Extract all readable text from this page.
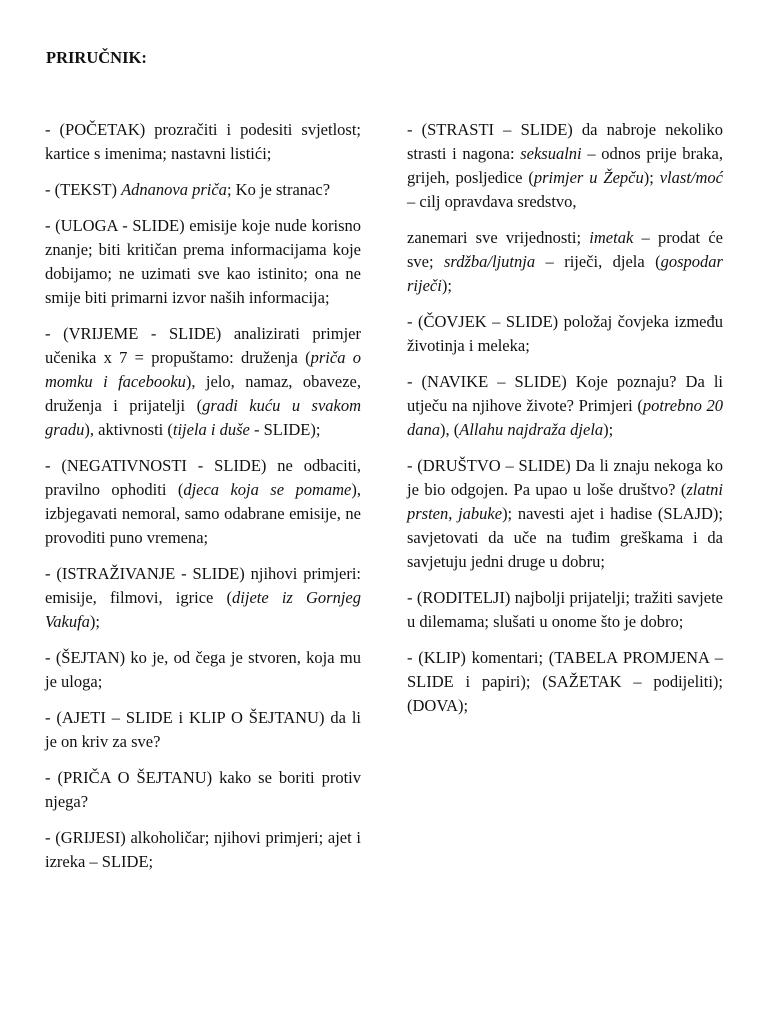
PRIRUČNIK:

- (POČETAK) prozračiti i podesiti svjetlost; kartice s imenima; nastavni listići;

- (TEKST) Adnanova priča; Ko je stranac?

- (ULOGA - SLIDE) emisije koje nude korisno znanje; biti kritičan prema informacijama koje dobijamo; ne uzimati sve kao istinito; ona ne smije biti primarni izvor naših informacija;

- (VRIJEME - SLIDE) analizirati primjer učenika x 7 = propuštamo: druženja (priča o momku i facebooku), jelo, namaz, obaveze, druženja i prijatelji (gradi kuću u svakom gradu), aktivnosti (tijela i duše - SLIDE);

- (NEGATIVNOSTI - SLIDE) ne odbaciti, pravilno ophoditi (djeca koja se pomame), izbjegavati nemoral, samo odabrane emisije, ne provoditi puno vremena;

- (ISTRAŽIVANJE - SLIDE) njihovi primjeri: emisije, filmovi, igrice (dijete iz Gornjeg Vakufa);

- (ŠEJTAN) ko je, od čega je stvoren, koja mu je uloga;

- (AJETI – SLIDE i KLIP O ŠEJTANU) da li je on kriv za sve?

- (PRIČA O ŠEJTANU) kako se boriti protiv njega?

- (GRIJESI) alkoholičar; njihovi primjeri; ajet i izreka – SLIDE;

- (STRASTI – SLIDE) da nabroje nekoliko strasti i nagona: seksualni – odnos prije braka, grijeh, posljedice (primjer u Žepču); vlast/moć – cilj opravdava sredstvo,

zanemari sve vrijednosti; imetak – prodat će sve; srdžba/ljutnja – riječi, djela (gospodar riječi);

- (ČOVJEK – SLIDE) položaj čovjeka između životinja i meleka;

- (NAVIKE – SLIDE) Koje poznaju? Da li utječu na njihove živote? Primjeri (potrebno 20 dana), (Allahu najdraža djela);

- (DRUŠTVO – SLIDE) Da li znaju nekoga ko je bio odgojen. Pa upao u loše društvo? (zlatni prsten, jabuke); navesti ajet i hadise (SLAJD); savjetovati da uče na tuđim greškama i da savjetuju jedni druge u dobru;

- (RODITELJI) najbolji prijatelji; tražiti savjete u dilemama; slušati u onome što je dobro;

- (KLIP) komentari; (TABELA PROMJENA – SLIDE i papiri); (SAŽETAK – podijeliti); (DOVA);
